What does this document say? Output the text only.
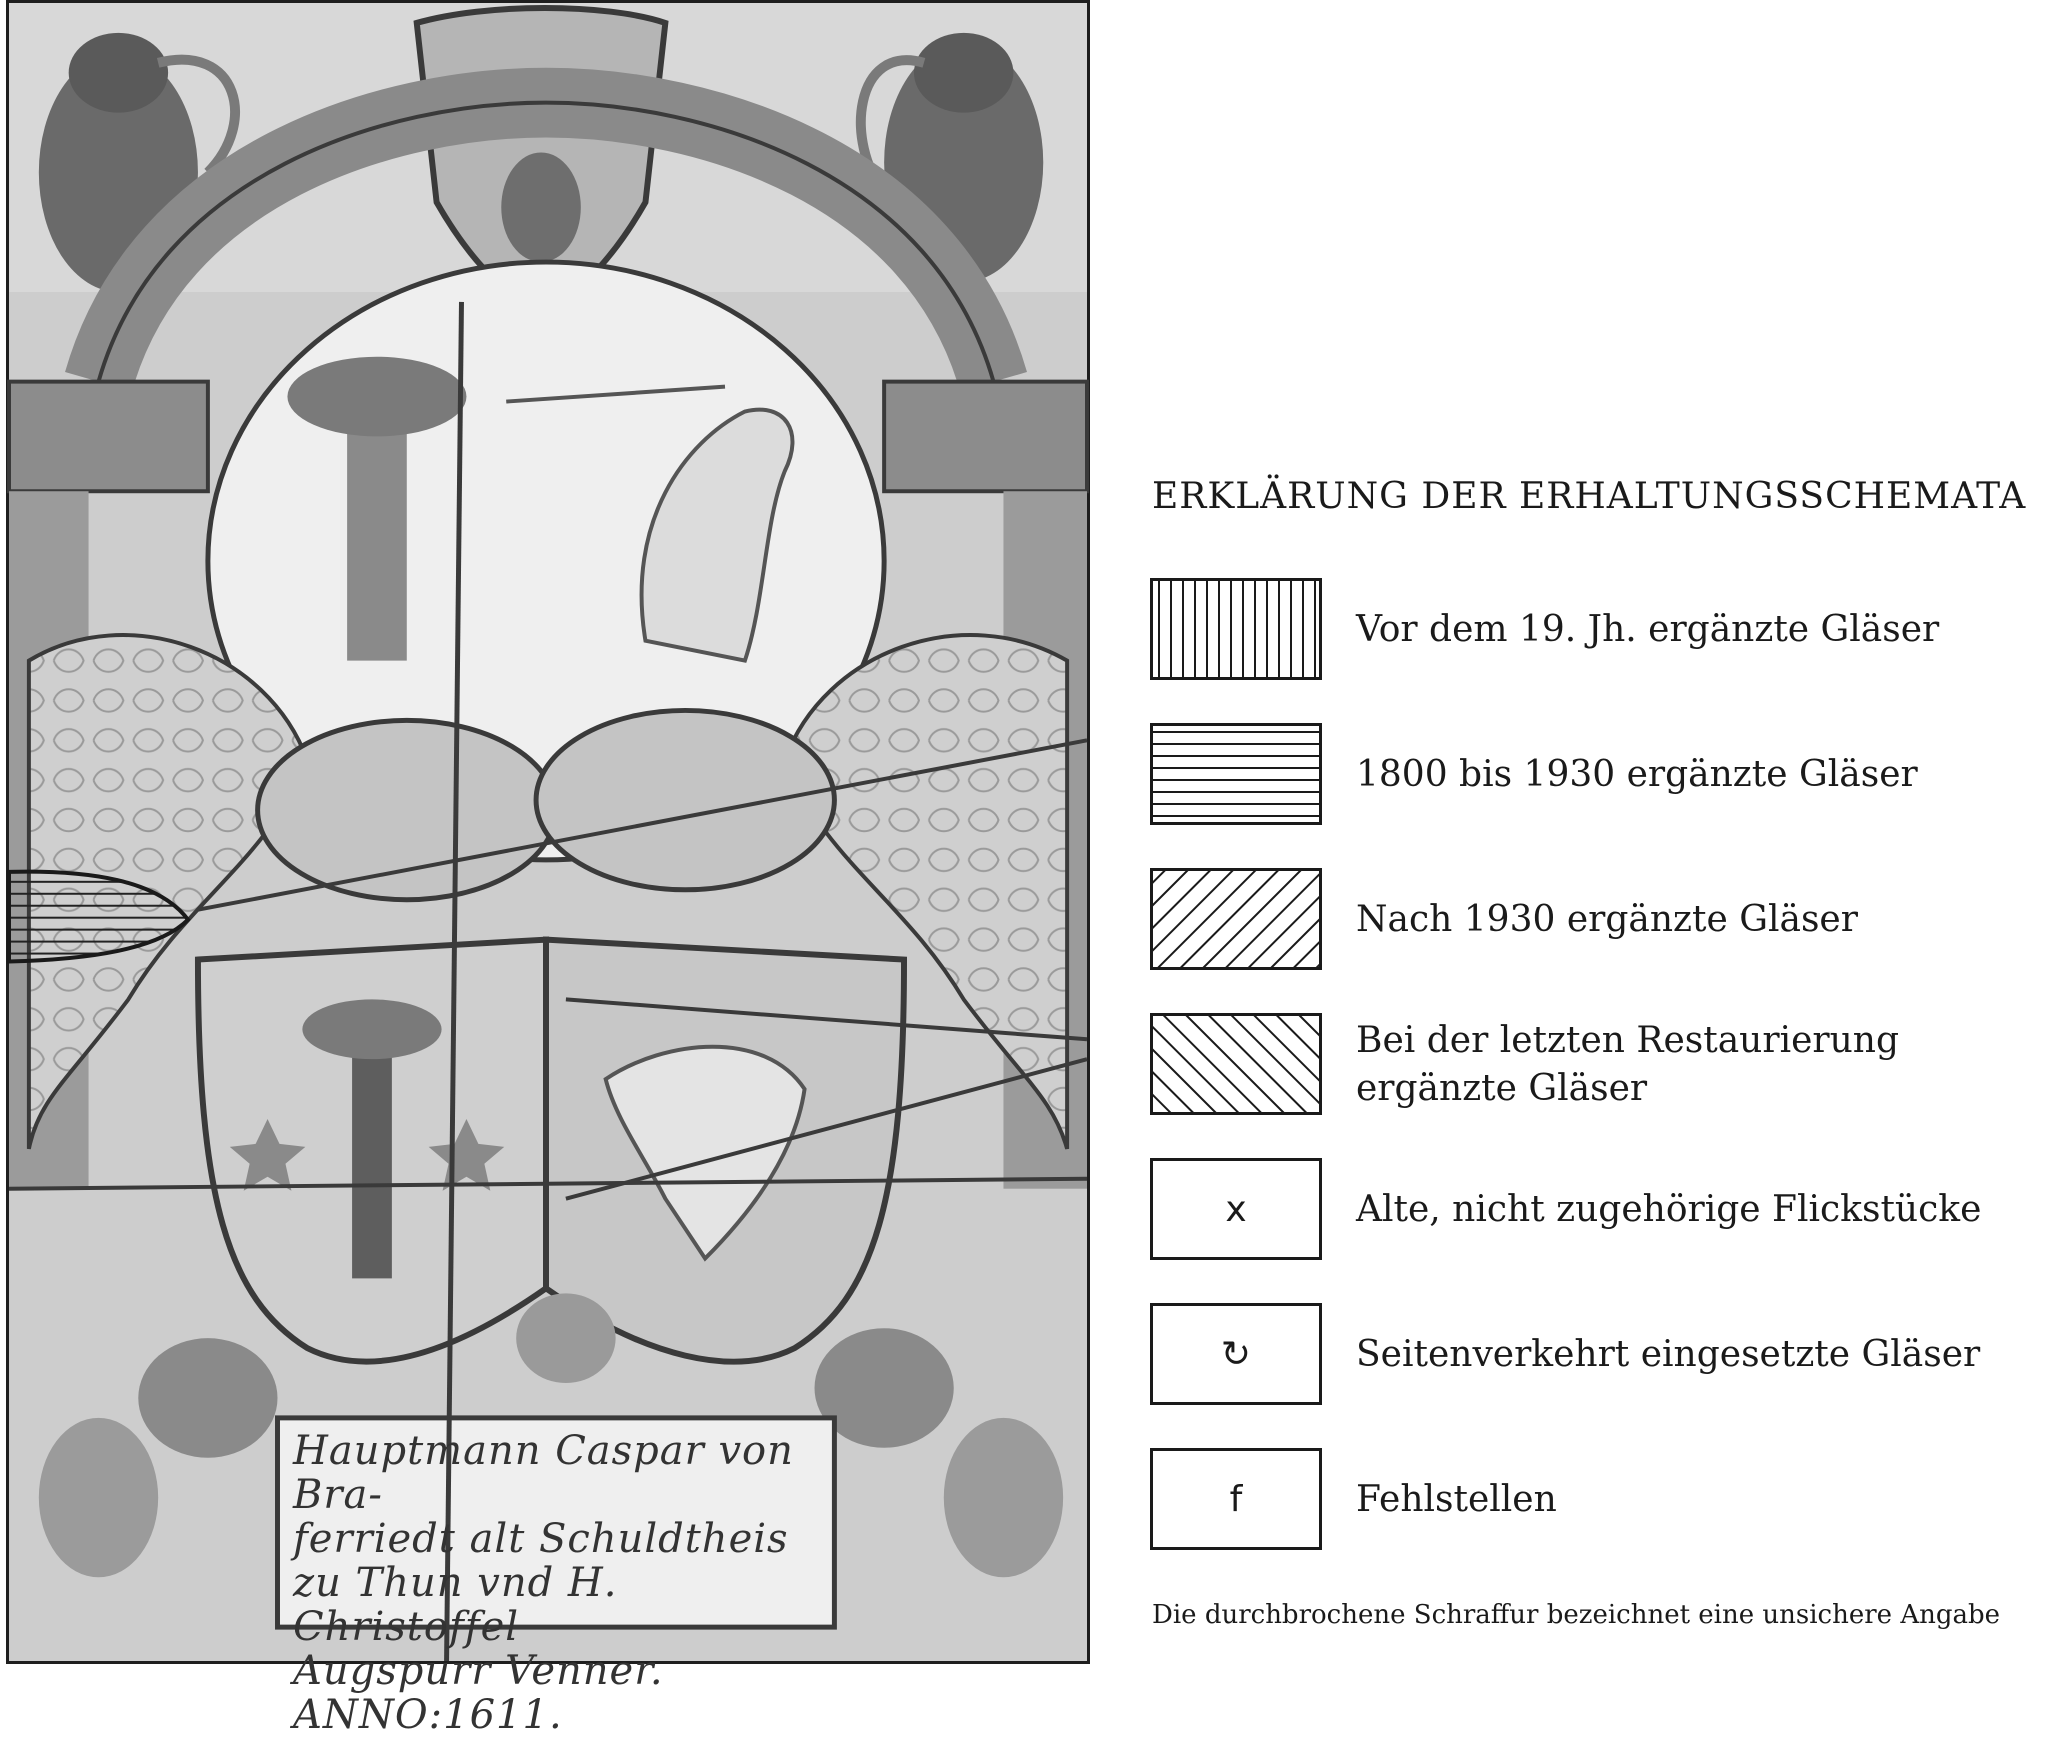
Hauptmann Caspar von Bra-
ferriedt alt Schuldtheis
zu Thun vnd H. Christoffel
Augspurr Venner. ANNO:1611.
ERKLÄRUNG DER ERHALTUNGSSCHEMATA
Vor dem 19. Jh. ergänzte Gläser
1800 bis 1930 ergänzte Gläser
Nach 1930 ergänzte Gläser
Bei der letzten Restaurierung
ergänzte Gläser
x	Alte, nicht zugehörige Flickstücke
↻	Seitenverkehrt eingesetzte Gläser
f	Fehlstellen
Die durchbrochene Schraffur bezeichnet eine unsichere Angabe
